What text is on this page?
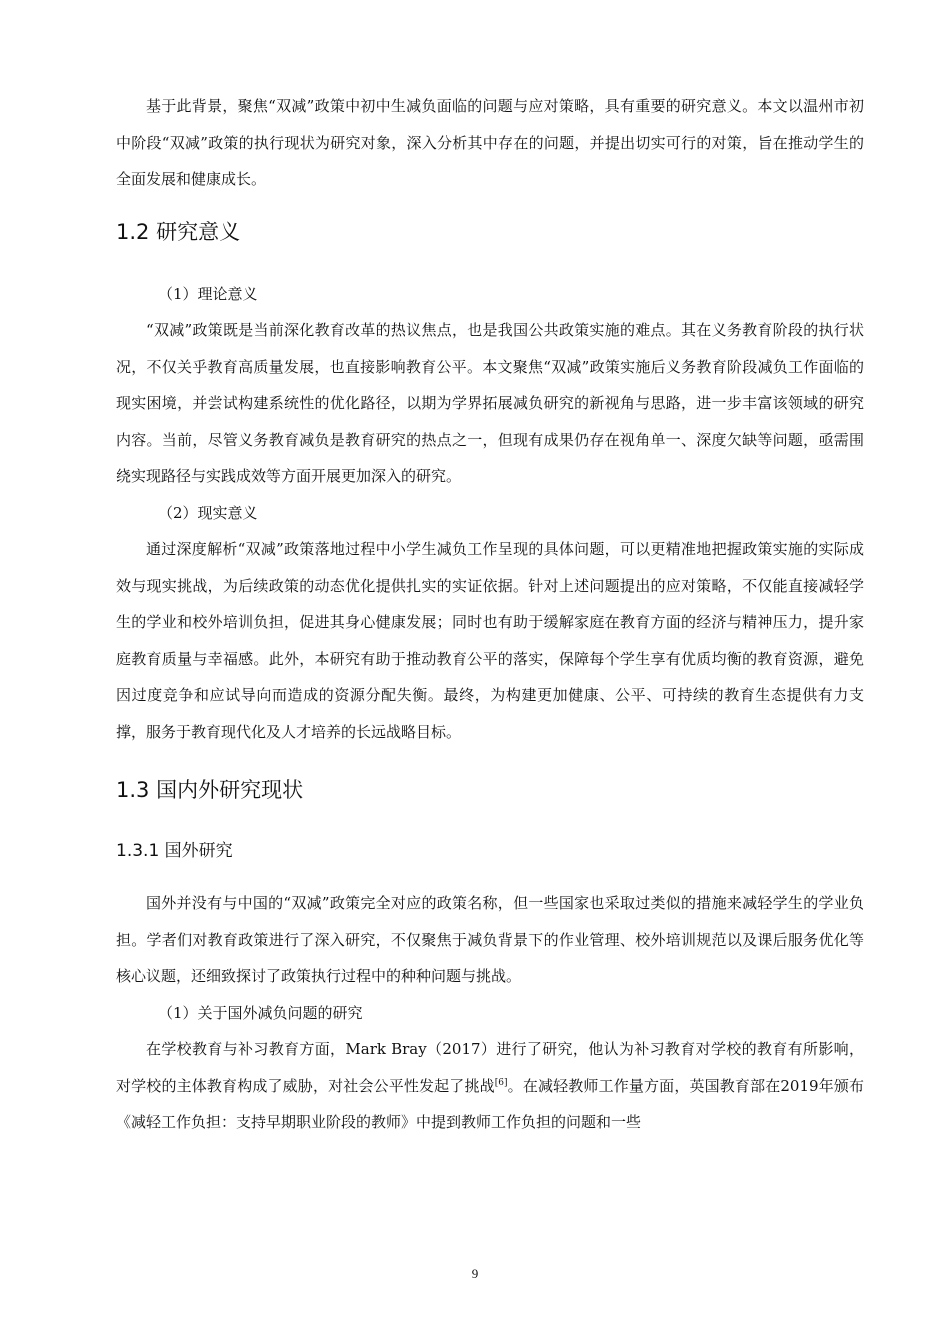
基于此背景，聚焦“双减”政策中初中生减负面临的问题与应对策略，具有重要的研究意义。本文以温州市初中阶段“双减”政策的执行现状为研究对象，深入分析其中存在的问题，并提出切实可行的对策，旨在推动学生的全面发展和健康成长。

1.2 研究意义

（1）理论意义

“双减”政策既是当前深化教育改革的热议焦点，也是我国公共政策实施的难点。其在义务教育阶段的执行状况，不仅关乎教育高质量发展，也直接影响教育公平。本文聚焦“双减”政策实施后义务教育阶段减负工作面临的现实困境，并尝试构建系统性的优化路径，以期为学界拓展减负研究的新视角与思路，进一步丰富该领域的研究内容。当前，尽管义务教育减负是教育研究的热点之一，但现有成果仍存在视角单一、深度欠缺等问题，亟需围绕实现路径与实践成效等方面开展更加深入的研究。

（2）现实意义

通过深度解析“双减”政策落地过程中小学生减负工作呈现的具体问题，可以更精准地把握政策实施的实际成效与现实挑战，为后续政策的动态优化提供扎实的实证依据。针对上述问题提出的应对策略，不仅能直接减轻学生的学业和校外培训负担，促进其身心健康发展；同时也有助于缓解家庭在教育方面的经济与精神压力，提升家庭教育质量与幸福感。此外，本研究有助于推动教育公平的落实，保障每个学生享有优质均衡的教育资源，避免因过度竞争和应试导向而造成的资源分配失衡。最终，为构建更加健康、公平、可持续的教育生态提供有力支撑，服务于教育现代化及人才培养的长远战略目标。

1.3 国内外研究现状
1.3.1 国外研究

国外并没有与中国的“双减”政策完全对应的政策名称，但一些国家也采取过类似的措施来减轻学生的学业负担。学者们对教育政策进行了深入研究，不仅聚焦于减负背景下的作业管理、校外培训规范以及课后服务优化等核心议题，还细致探讨了政策执行过程中的种种问题与挑战。

（1）关于国外减负问题的研究

在学校教育与补习教育方面，Mark Bray（2017）进行了研究，他认为补习教育对学校的教育有所影响，对学校的主体教育构成了威胁，对社会公平性发起了挑战[6]。在减轻教师工作量方面，英国教育部在2019年颁布《减轻工作负担：支持早期职业阶段的教师》中提到教师工作负担的问题和一些

9
